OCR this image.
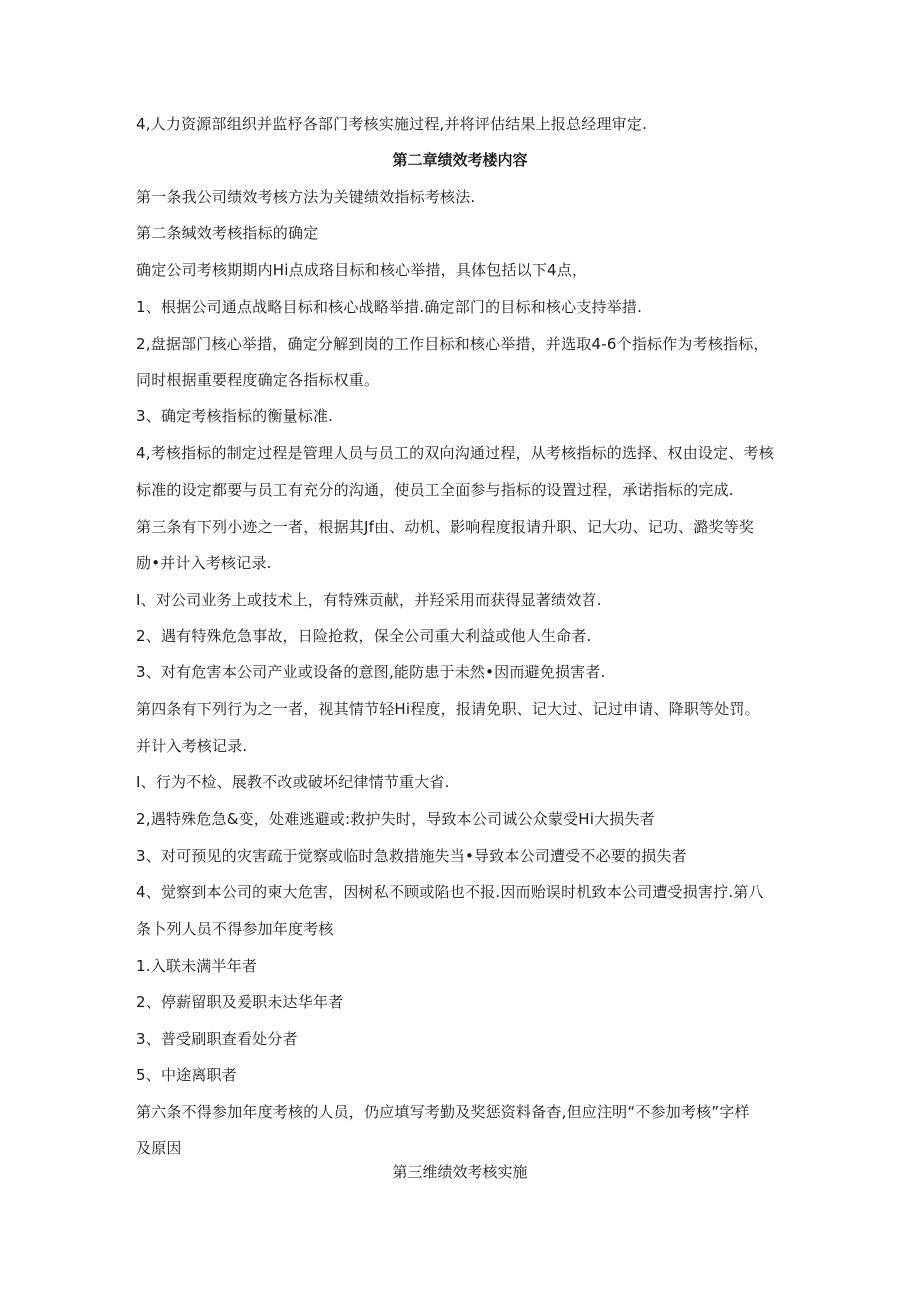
4,人力资源部组织并监杼各部门考核实施过程,并将评估结果上报总经理审定.
第二章绩效考楼内容
第一条我公司绩效考核方法为关键绩效指标考核法.
第二条缄效考核指标的确定
确定公司考核期期内Hi点成珞目标和核心举措，具体包括以下4点，
1、根据公司通点战略目标和核心战略举措.确定部门的目标和核心支持举措.
2,盘据部门核心举措，确定分解到岗的工作目标和核心举措，并选取4-6个指标作为考核指标，
同时根据重要程度确定各指标权重。
3、确定考核指标的衡量标准.
4,考核指标的制定过程是管理人员与员工的双向沟通过程，从考核指标的选择、权由设定、考核
标准的设定都要与员工有充分的沟通，使员工全面参与指标的设置过程，承诺指标的完成.
第三条有下列小迹之一者，根据其Jf由、动机、影响程度报请升职、记大功、记功、潞奖等奖
励•并计入考核记录.
I、对公司业务上或技术上，有特殊贡献，并羟采用而获得显著绩效苕.
2、遇有特殊危急事故，日险抢救，保全公司重大利益或他人生命者.
3、对有危害本公司产业或设备的意图,能防患于未然•因而避免损害者.
第四条有下列行为之一者，视其情节轻Hi程度，报请免职、记大过、记过申请、降职等处罚。
并计入考核记录.
I、行为不检、展教不改或破坏纪律情节重大省.
2,遇特殊危急&变，处难逃避或:救护失时，导致本公司诚公众蒙受Hi大损失者
3、对可预见的灾害疏于觉察或临时急救措施失当•导致本公司遭受不必要的损失者
4、觉察到本公司的柬大危害，因树私不顾或陷也不报.因而贻误时机致本公司遭受损害拧.第八
条卜列人员不得参加年度考核
1.入联未满半年者
2、停薪留职及爰职未达华年者
3、普受刷职查看处分者
5、中途离职者
第六条不得参加年度考核的人员，仍应填写考勤及奖惩资料备杳,但应注明“不参加考核”字样
及原因
第三维绩效考核实施
